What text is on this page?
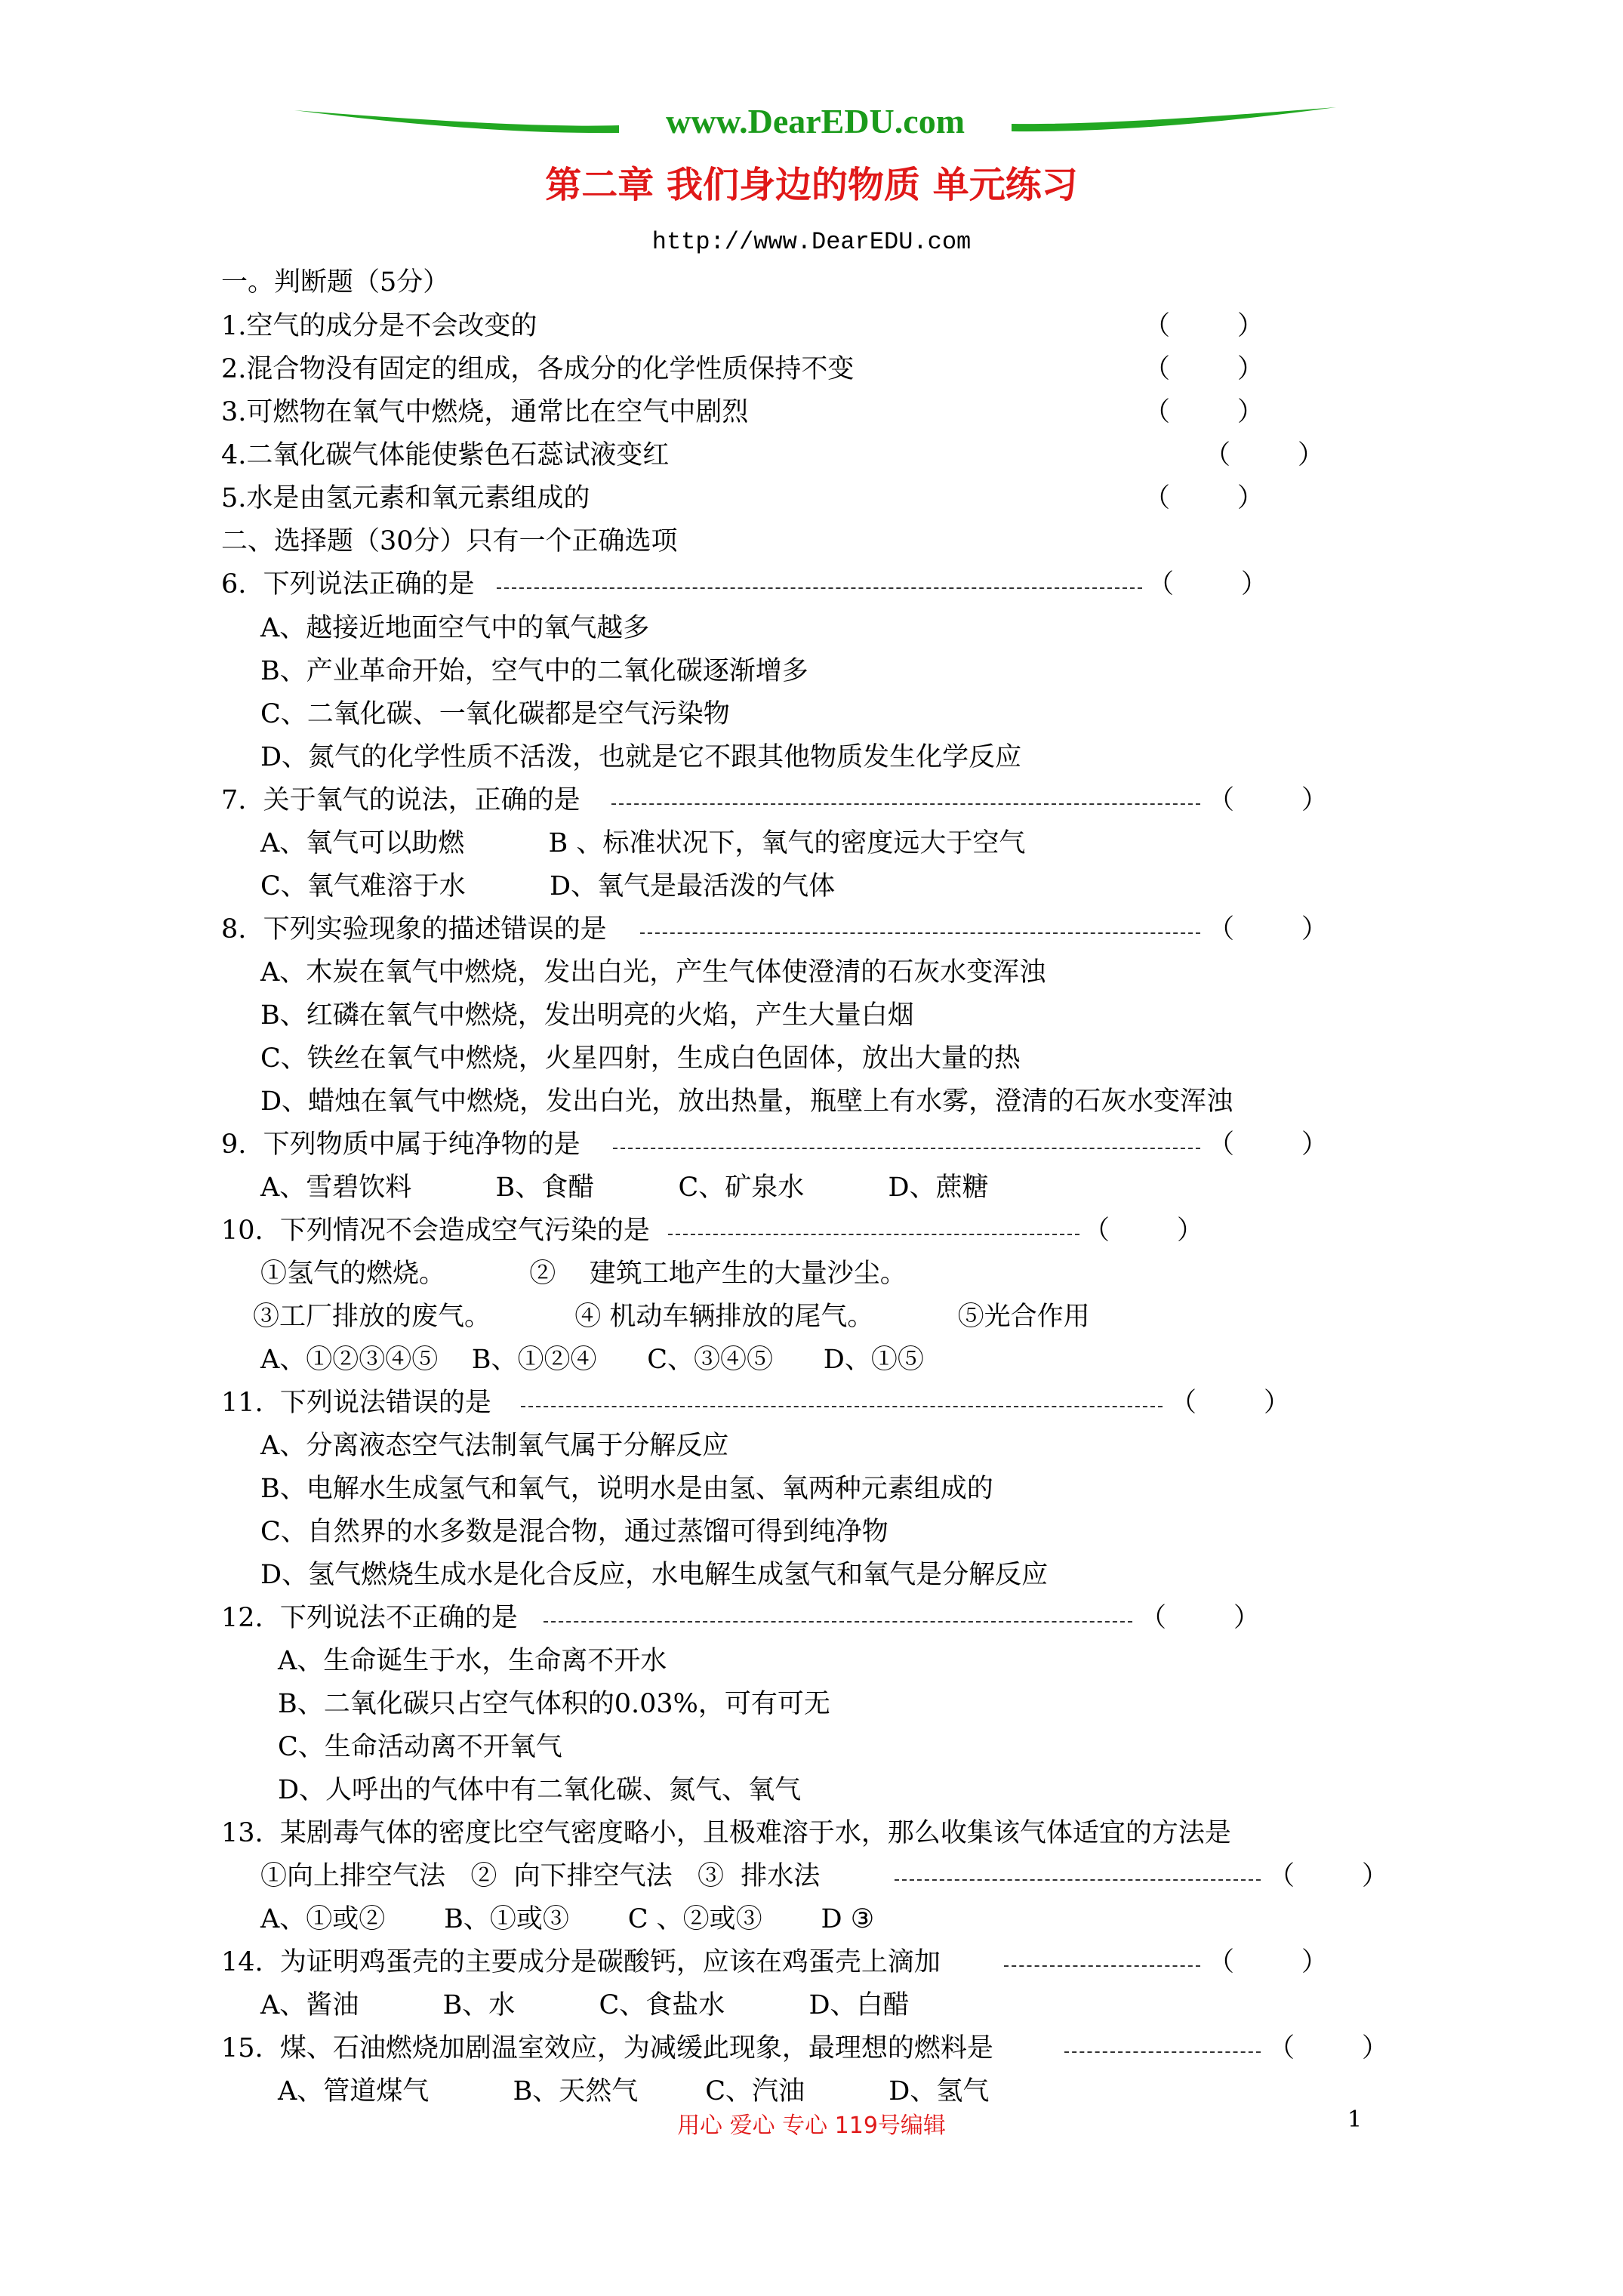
www.DearEDU.com
第二章 我们身边的物质 单元练习
http://www.DearEDU.com
一。判断题（5分）
1.空气的成分是不会改变的	（        ）
2.混合物没有固定的组成，各成分的化学性质保持不变	（        ）
3.可燃物在氧气中燃烧，通常比在空气中剧烈	（        ）
4.二氧化碳气体能使紫色石蕊试液变红	（        ）
5.水是由氢元素和氧元素组成的	（        ）
二、选择题（30分）只有一个正确选项
6.  下列说法正确的是	（        ）
A、越接近地面空气中的氧气越多
B、产业革命开始，空气中的二氧化碳逐渐增多
C、二氧化碳、一氧化碳都是空气污染物
D、氮气的化学性质不活泼，也就是它不跟其他物质发生化学反应
7.  关于氧气的说法，正确的是	（        ）
A、氧气可以助燃          B 、标准状况下，氧气的密度远大于空气
C、氧气难溶于水          D、氧气是最活泼的气体
8.  下列实验现象的描述错误的是	（        ）
A、木炭在氧气中燃烧，发出白光，产生气体使澄清的石灰水变浑浊
B、红磷在氧气中燃烧，发出明亮的火焰，产生大量白烟
C、铁丝在氧气中燃烧，火星四射，生成白色固体，放出大量的热
D、蜡烛在氧气中燃烧，发出白光，放出热量，瓶壁上有水雾，澄清的石灰水变浑浊
9.  下列物质中属于纯净物的是	（        ）
A、雪碧饮料          B、食醋          C、矿泉水          D、蔗糖
10.  下列情况不会造成空气污染的是	（        ）
①氢气的燃烧。          ②    建筑工地产生的大量沙尘。
③工厂排放的废气。          ④ 机动车辆排放的尾气。          ⑤光合作用
A、①②③④⑤    B、①②④      C、③④⑤      D、①⑤
11.  下列说法错误的是	（        ）
A、分离液态空气法制氧气属于分解反应
B、电解水生成氢气和氧气，说明水是由氢、氧两种元素组成的
C、自然界的水多数是混合物，通过蒸馏可得到纯净物
D、氢气燃烧生成水是化合反应，水电解生成氢气和氧气是分解反应
12.  下列说法不正确的是	（        ）
A、生命诞生于水，生命离不开水
B、二氧化碳只占空气体积的0.03%，可有可无
C、生命活动离不开氧气
D、人呼出的气体中有二氧化碳、氮气、氧气
13.  某剧毒气体的密度比空气密度略小，且极难溶于水，那么收集该气体适宜的方法是
①向上排空气法   ②  向下排空气法   ③  排水法	（        ）
A、①或②       B、①或③       C 、②或③       D ③
14.  为证明鸡蛋壳的主要成分是碳酸钙，应该在鸡蛋壳上滴加	（        ）
A、酱油          B、水          C、食盐水          D、白醋
15.  煤、石油燃烧加剧温室效应，为减缓此现象，最理想的燃料是	（        ）
A、管道煤气          B、天然气        C、汽油          D、氢气
用心 爱心 专心 119号编辑	1
